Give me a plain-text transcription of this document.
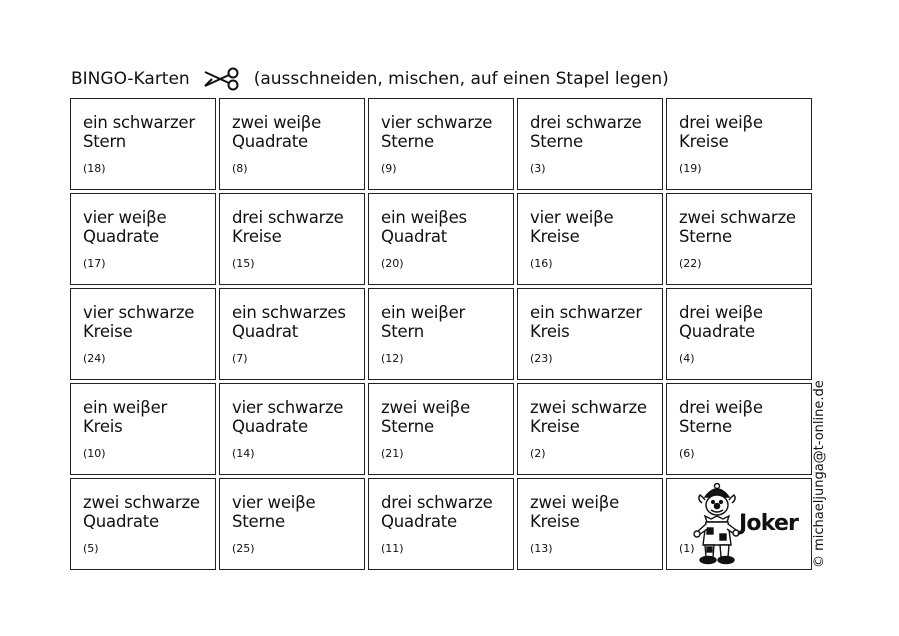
BINGO-Karten	(ausschneiden, mischen, auf einen Stapel legen)
ein schwarzer
Stern
(18)
zwei weiβe
Quadrate
(8)
vier schwarze
Sterne
(9)
drei schwarze
Sterne
(3)
drei weiβe
Kreise
(19)
vier weiβe
Quadrate
(17)
drei schwarze
Kreise
(15)
ein weiβes
Quadrat
(20)
vier weiβe
Kreise
(16)
zwei schwarze
Sterne
(22)
vier schwarze
Kreise
(24)
ein schwarzes
Quadrat
(7)
ein weiβer
Stern
(12)
ein schwarzer
Kreis
(23)
drei weiβe
Quadrate
(4)
ein weiβer
Kreis
(10)
vier schwarze
Quadrate
(14)
zwei weiβe
Sterne
(21)
zwei schwarze
Kreise
(2)
drei weiβe
Sterne
(6)
zwei schwarze
Quadrate
(5)
vier weiβe
Sterne
(25)
drei schwarze
Quadrate
(11)
zwei weiβe
Kreise
(13)
Joker
(1)	© michaeljunga@t-online.de
